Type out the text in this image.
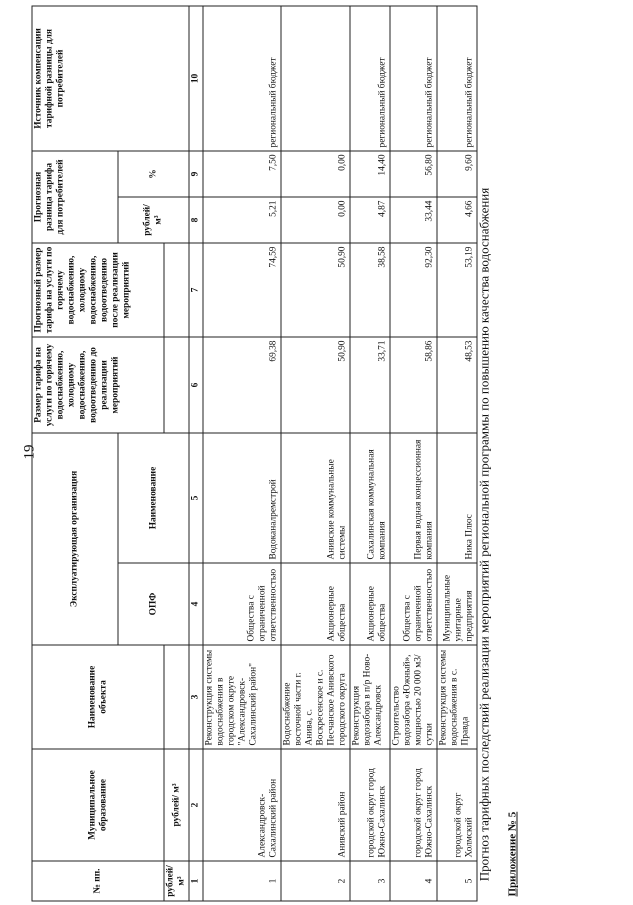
19
Приложение № 5
Прогноз тарифных последствий реализации мероприятий региональной программы по повышению качества водоснабжения
№ пп.	Муниципальное образование	Наименование объекта	Эксплуатирующая организация		Размер тарифа на услуги по горячему водоснабжению, холодному водоснабжению, водоотведению до реализации мероприятий	Прогнозный размер тарифа на услуги по горячему водоснабжению, холодному водоснабжению, водоотведению после реализации мероприятий	Прогнозная разница тарифа для потребителей		Источник компенсации тарифной разницы для потребителей
			ОПФ	Наименование			рублей/ м³	%	
рублей/ м³	рублей/ м³								
1	2	3	4	5	6	7	8	9	10
1	Александровск-Сахалинский район	Реконструкция системы водоснабжения в городском округе "Александровск-Сахалинский район"	Общества с ограниченной ответственностью	Водоканалремстрой	69,38	74,59	5,21	7,50	региональный бюджет
2	Анивский район	Водоснабжение восточной части г. Анива, с. Воскресенское и с. Песчанское Анивского городского округа	Акционерные общества	Анивские коммунальные системы	50,90	50,90	0,00	0,00	
3	городской округ город Южно-Сахалинск	Реконструкция водозабора в п/р Ново-Александровск	Акционерные общества	Сахалинская коммунальная компания	33,71	38,58	4,87	14,40	региональный бюджет
4	городской округ город Южно-Сахалинск	Строительство водозабора «Южный», мощностью 20 000 м3/сутки	Общества с ограниченной ответственностью	Первая водная концессионная компания	58,86	92,30	33,44	56,80	региональный бюджет
5	городской округ Холмский	Реконструкция системы водоснабжения в с. Правда	Муниципальные унитарные предприятия	Ника Плюс	48,53	53,19	4,66	9,60	региональный бюджет
